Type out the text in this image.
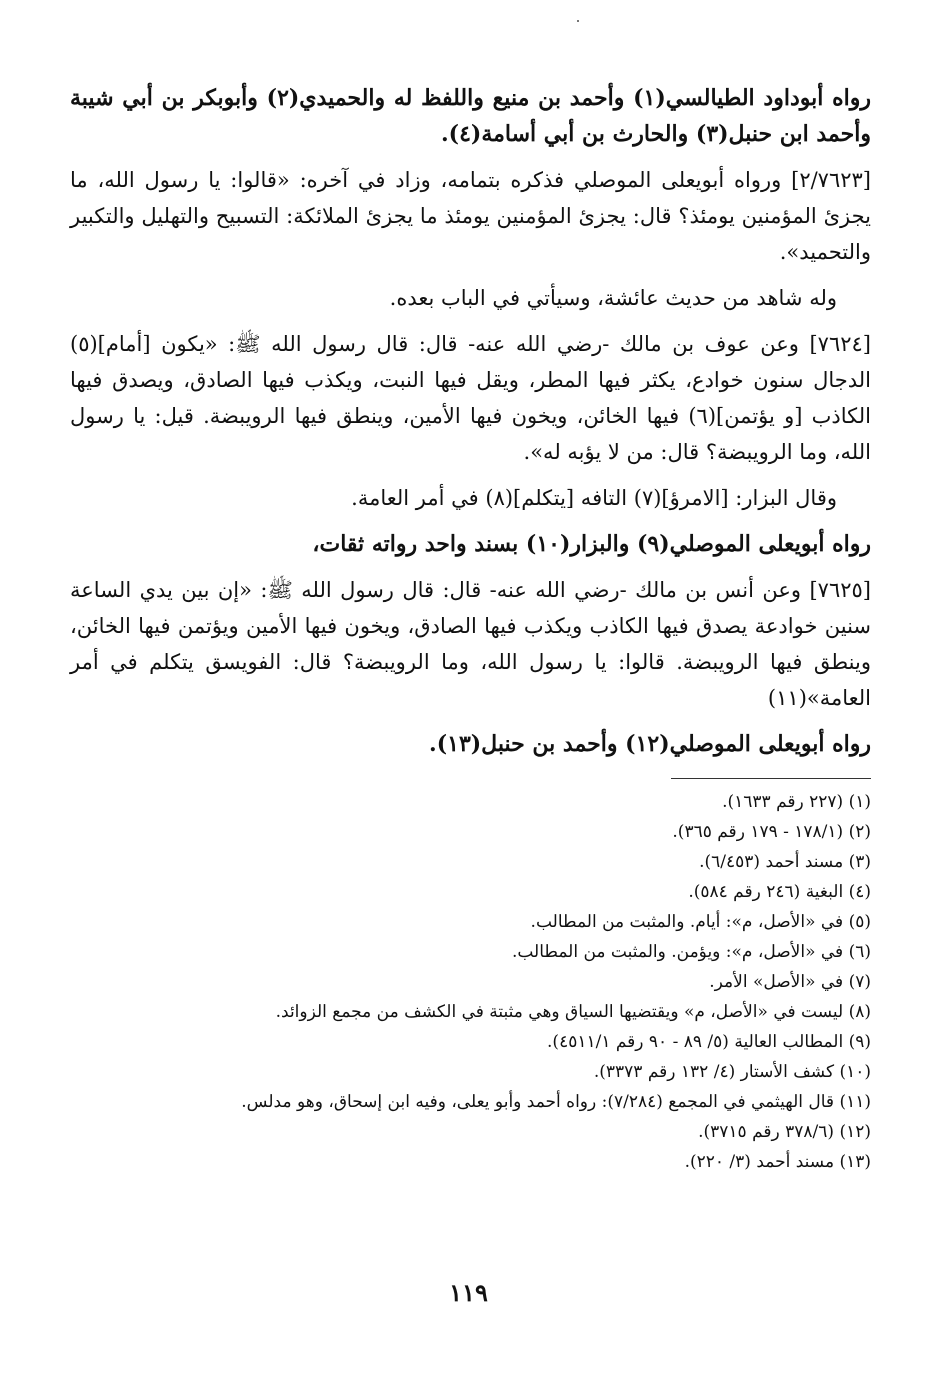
رواه أبوداود الطيالسي(١) وأحمد بن منيع واللفظ له والحميدي(٢) وأبوبكر بن أبي شيبة وأحمد ابن حنبل(٣) والحارث بن أبي أسامة(٤).

[٢/٧٦٢٣] ورواه أبويعلى الموصلي فذكره بتمامه، وزاد في آخره: «قالوا: يا رسول الله، ما يجزئ المؤمنين يومئذ؟ قال: يجزئ المؤمنين يومئذ ما يجزئ الملائكة: التسبيح والتهليل والتكبير والتحميد».

وله شاهد من حديث عائشة، وسيأتي في الباب بعده.

[٧٦٢٤] وعن عوف بن مالك -رضي الله عنه- قال: قال رسول الله ﷺ: «يكون [أمام](٥) الدجال سنون خوادع، يكثر فيها المطر، ويقل فيها النبت، ويكذب فيها الصادق، ويصدق فيها الكاذب [و يؤتمن](٦) فيها الخائن، ويخون فيها الأمين، وينطق فيها الرويبضة. قيل: يا رسول الله، وما الرويبضة؟ قال: من لا يؤبه له».

وقال البزار: [الامرؤ](٧) التافه [يتكلم](٨) في أمر العامة.

رواه أبويعلى الموصلي(٩) والبزار(١٠) بسند واحد رواته ثقات،

[٧٦٢٥] وعن أنس بن مالك -رضي الله عنه- قال: قال رسول الله ﷺ: «إن بين يدي الساعة سنين خوادعة يصدق فيها الكاذب ويكذب فيها الصادق، ويخون فيها الأمين ويؤتمن فيها الخائن، وينطق فيها الرويبضة. قالوا: يا رسول الله، وما الرويبضة؟ قال: الفويسق يتكلم في أمر العامة»(١١)

رواه أبويعلى الموصلي(١٢) وأحمد بن حنبل(١٣).

(١) (٢٢٧ رقم ١٦٣٣).
(٢) (١٧٨/١ - ١٧٩ رقم ٣٦٥).
(٣) مسند أحمد (٦/٤٥٣).
(٤) البغية (٢٤٦ رقم ٥٨٤).
(٥) في «الأصل، م»: أيام. والمثبت من المطالب.
(٦) في «الأصل، م»: ويؤمن. والمثبت من المطالب.
(٧) في «الأصل» الأمر.
(٨) ليست في «الأصل، م» ويقتضيها السياق وهي مثبتة في الكشف من مجمع الزوائد.
(٩) المطالب العالية (٥/ ٨٩ - ٩٠ رقم ٤٥١١/١).
(١٠) كشف الأستار (٤/ ١٣٢ رقم ٣٣٧٣).
(١١) قال الهيثمي في المجمع (٧/٢٨٤): رواه أحمد وأبو يعلى، وفيه ابن إسحاق، وهو مدلس.
(١٢) (٣٧٨/٦ رقم ٣٧١٥).
(١٣) مسند أحمد (٣/ ٢٢٠).
١١٩
